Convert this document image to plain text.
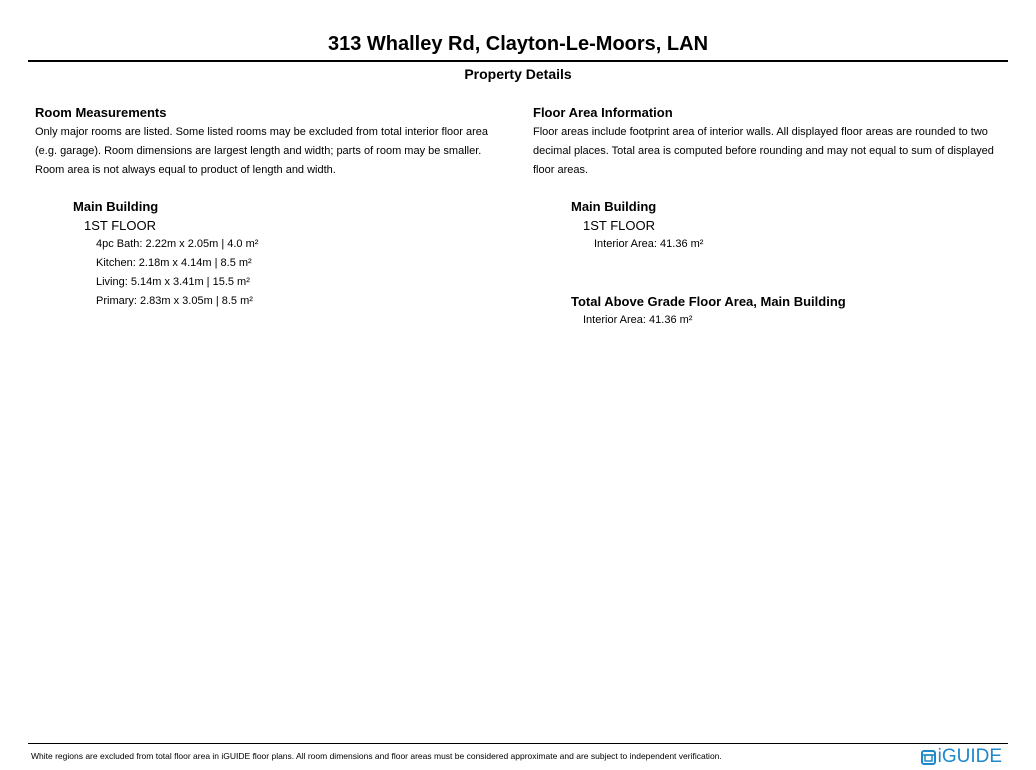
313 Whalley Rd, Clayton-Le-Moors, LAN
Property Details
Room Measurements

Only major rooms are listed. Some listed rooms may be excluded from total interior floor area

(e.g. garage). Room dimensions are largest length and width; parts of room may be smaller.

Room area is not always equal to product of length and width.

Main Building
1ST FLOOR
4pc Bath: 2.22m x 2.05m | 4.0 m²
Kitchen: 2.18m x 4.14m | 8.5 m²
Living: 5.14m x 3.41m | 15.5 m²
Primary: 2.83m x 3.05m | 8.5 m²
Floor Area Information

Floor areas include footprint area of interior walls. All displayed floor areas are rounded to two

decimal places. Total area is computed before rounding and may not equal to sum of displayed

floor areas.

Main Building
1ST FLOOR
Interior Area: 41.36 m²
Total Above Grade Floor Area, Main Building
Interior Area: 41.36 m²
White regions are excluded from total floor area in iGUIDE floor plans. All room dimensions and floor areas must be considered approximate and are subject to independent verification.	iGUIDE
